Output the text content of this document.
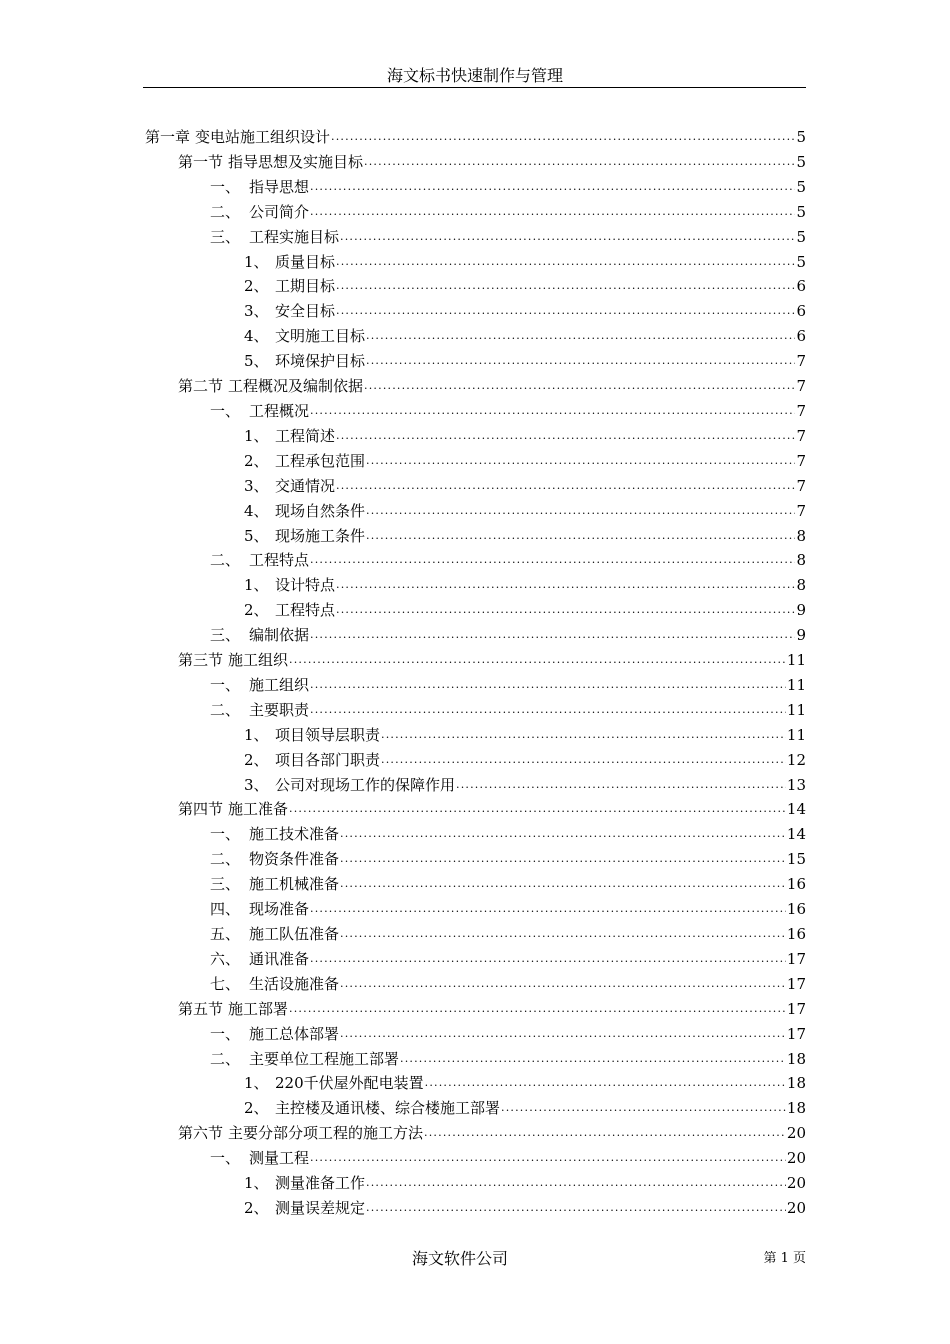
海文标书快速制作与管理
第一章 变电站施工组织设计 .....	5
第一节 指导思想及实施目标 .....	5
一、 指导思想 .....	5
二、 公司简介 .....	5
三、 工程实施目标 .....	5
1、 质量目标 .....	5
2、 工期目标 .....	6
3、 安全目标 .....	6
4、 文明施工目标 .....	6
5、 环境保护目标 .....	7
第二节 工程概况及编制依据 .....	7
一、 工程概况 .....	7
1、 工程简述 .....	7
2、 工程承包范围 .....	7
3、 交通情况 .....	7
4、 现场自然条件 .....	7
5、 现场施工条件 .....	8
二、 工程特点 .....	8
1、 设计特点 .....	8
2、 工程特点 .....	9
三、 编制依据 .....	9
第三节 施工组织 .....	11
一、 施工组织 .....	11
二、 主要职责 .....	11
1、 项目领导层职责 .....	11
2、 项目各部门职责 .....	12
3、 公司对现场工作的保障作用 .....	13
第四节 施工准备 .....	14
一、 施工技术准备 .....	14
二、 物资条件准备 .....	15
三、 施工机械准备 .....	16
四、 现场准备 .....	16
五、 施工队伍准备 .....	16
六、 通讯准备 .....	17
七、 生活设施准备 .....	17
第五节 施工部署 .....	17
一、 施工总体部署 .....	17
二、 主要单位工程施工部署 .....	18
1、 220千伏屋外配电装置 .....	18
2、 主控楼及通讯楼、综合楼施工部署 .....	18
第六节 主要分部分项工程的施工方法 .....	20
一、 测量工程 .....	20
1、 测量准备工作 .....	20
2、 测量误差规定 .....	20
海文软件公司	第 1 页
